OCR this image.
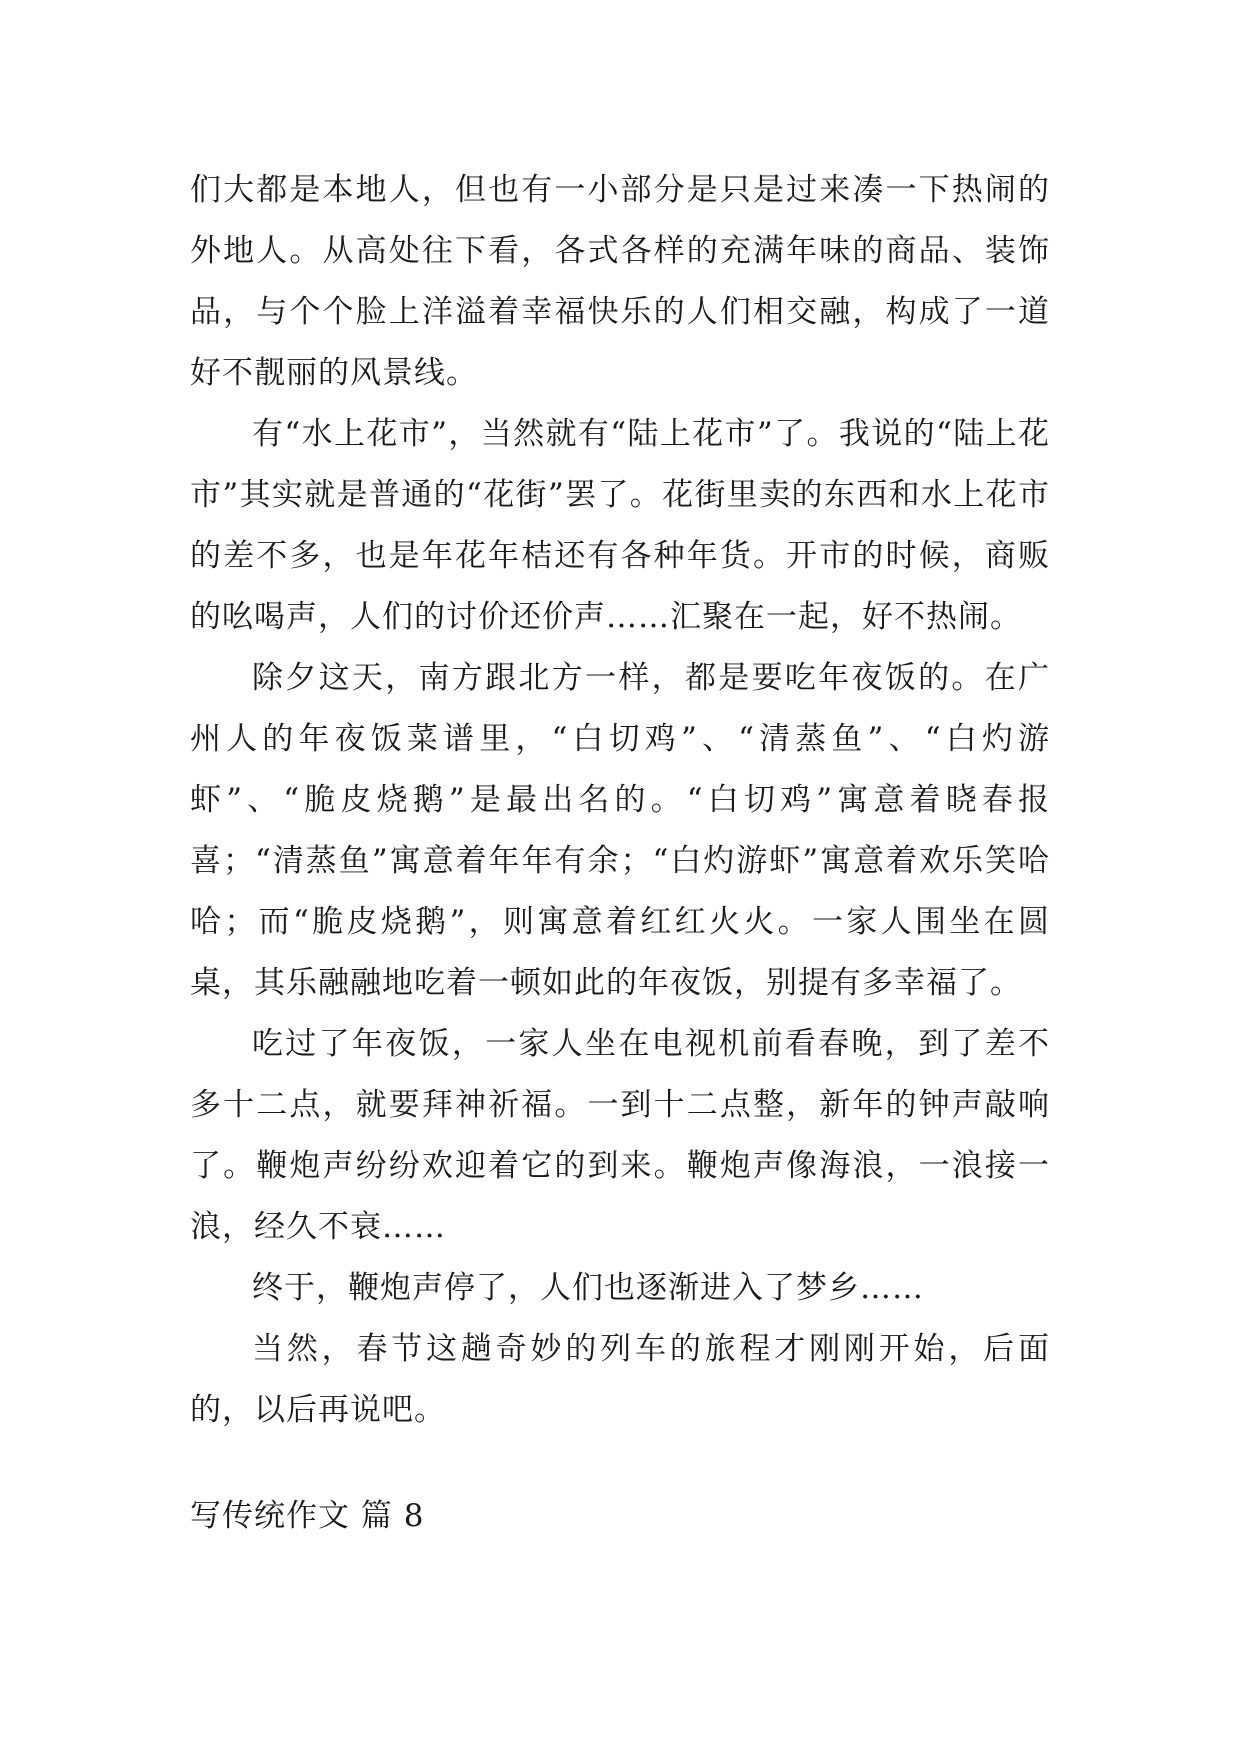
们大都是本地人，但也有一小部分是只是过来凑一下热闹的外地人。从高处往下看，各式各样的充满年味的商品、装饰品，与个个脸上洋溢着幸福快乐的人们相交融，构成了一道好不靓丽的风景线。

有“水上花市”，当然就有“陆上花市”了。我说的“陆上花市”其实就是普通的“花街”罢了。花街里卖的东西和水上花市的差不多，也是年花年桔还有各种年货。开市的时候，商贩的吆喝声，人们的讨价还价声……汇聚在一起，好不热闹。

除夕这天，南方跟北方一样，都是要吃年夜饭的。在广州人的年夜饭菜谱里，“白切鸡”、“清蒸鱼”、“白灼游虾”、“脆皮烧鹅”是最出名的。“白切鸡”寓意着晓春报喜；“清蒸鱼”寓意着年年有余；“白灼游虾”寓意着欢乐笑哈哈；而“脆皮烧鹅”，则寓意着红红火火。一家人围坐在圆桌，其乐融融地吃着一顿如此的年夜饭，别提有多幸福了。

吃过了年夜饭，一家人坐在电视机前看春晚，到了差不多十二点，就要拜神祈福。一到十二点整，新年的钟声敲响了。鞭炮声纷纷欢迎着它的到来。鞭炮声像海浪，一浪接一浪，经久不衰……

终于，鞭炮声停了，人们也逐渐进入了梦乡……

当然，春节这趟奇妙的列车的旅程才刚刚开始，后面的，以后再说吧。

写传统作文 篇 8
